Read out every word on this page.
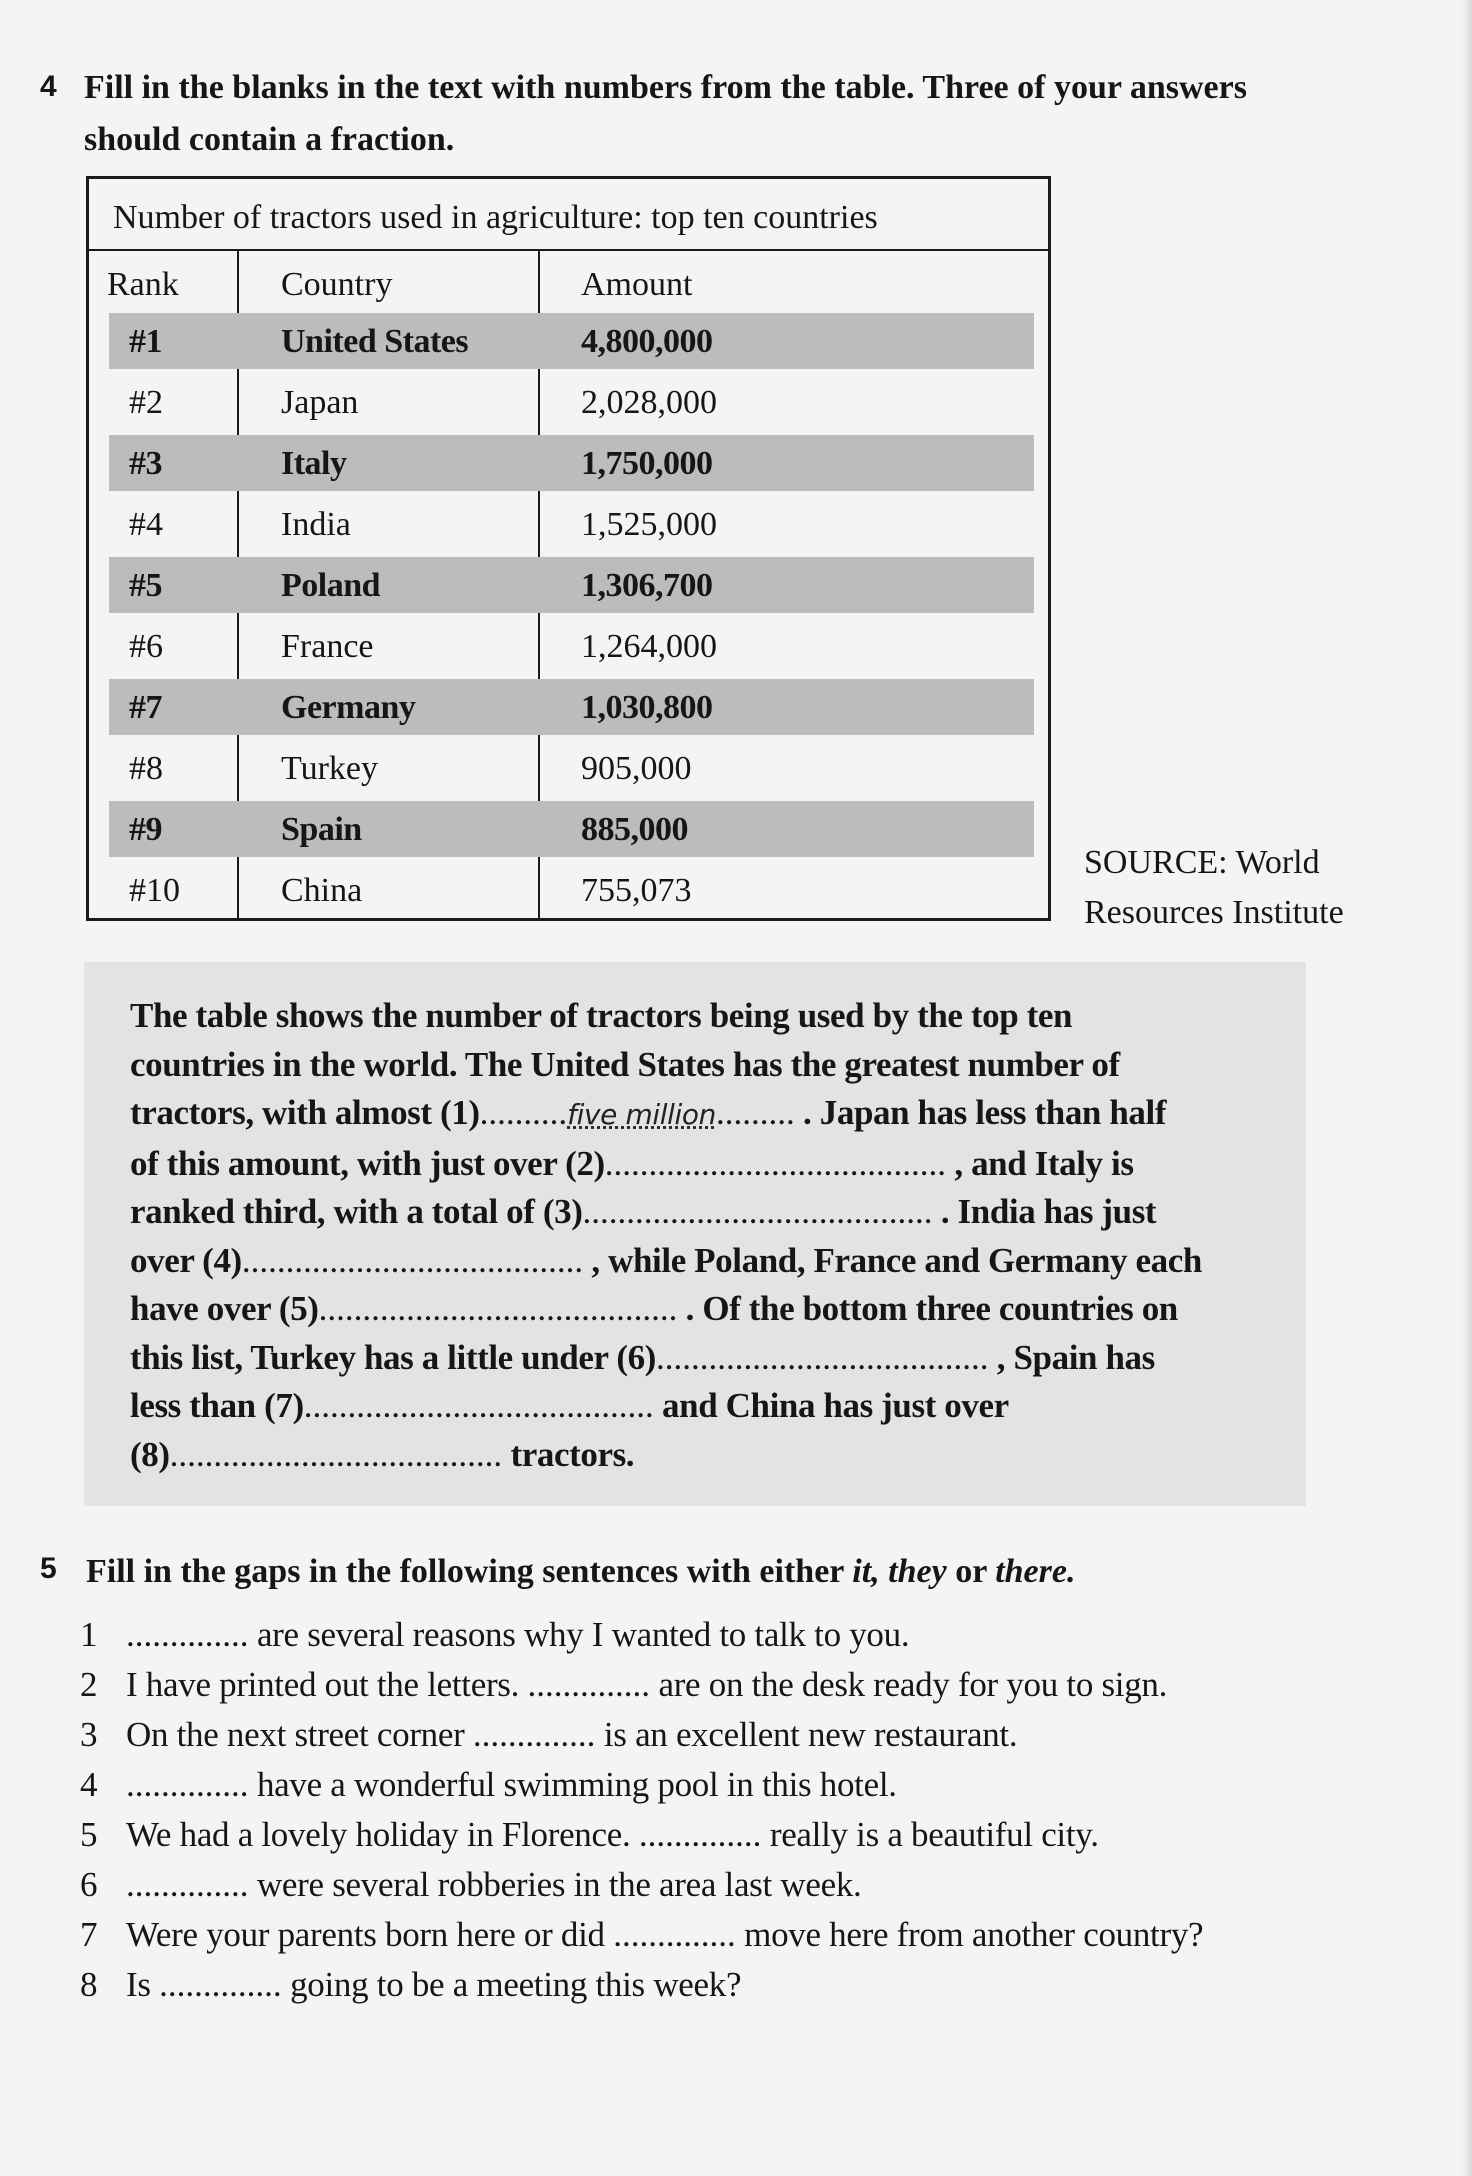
4 Fill in the blanks in the text with numbers from the table. Three of your answers
should contain a fraction.
Number of tractors used in agriculture: top ten countries
Rank	Country	Amount
#1	United States	4,800,000
#2	Japan	2,028,000
#3	Italy	1,750,000
#4	India	1,525,000
#5	Poland	1,306,700
#6	France	1,264,000
#7	Germany	1,030,800
#8	Turkey	905,000
#9	Spain	885,000
#10	China	755,073
SOURCE: World
Resources Institute
The table shows the number of tractors being used by the top ten
countries in the world. The United States has the greatest number of
tractors, with almost (1)..........five million......... . Japan has less than half
of this amount, with just over (2)....................................... , and Italy is
ranked third, with a total of (3)........................................ . India has just
over (4)....................................... , while Poland, France and Germany each
have over (5)......................................... . Of the bottom three countries on
this list, Turkey has a little under (6)...................................... , Spain has
less than (7)........................................ and China has just over
(8)...................................... tractors.
5 Fill in the gaps in the following sentences with either it, they or there.
1 .............. are several reasons why I wanted to talk to you.
2 I have printed out the letters. .............. are on the desk ready for you to sign.
3 On the next street corner .............. is an excellent new restaurant.
4 .............. have a wonderful swimming pool in this hotel.
5 We had a lovely holiday in Florence. .............. really is a beautiful city.
6 .............. were several robberies in the area last week.
7 Were your parents born here or did .............. move here from another country?
8 Is .............. going to be a meeting this week?
